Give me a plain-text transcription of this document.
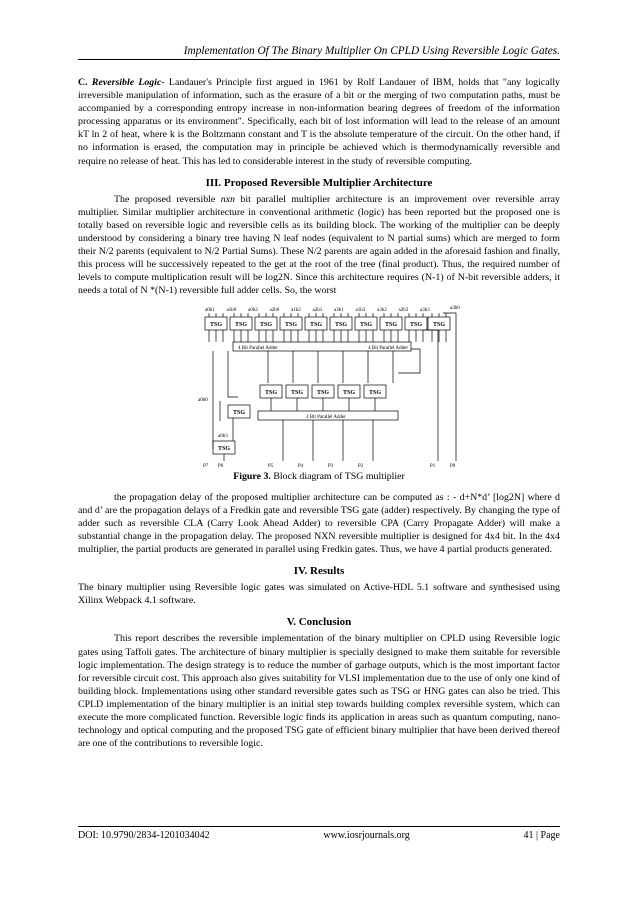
Implementation Of The Binary Multiplier On CPLD Using Reversible Logic Gates.

C. Reversible Logic- Landauer's Principle first argued in 1961 by Rolf Landauer of IBM, holds that "any logically irreversible manipulation of information, such as the erasure of a bit or the merging of two computation paths, must be accompanied by a corresponding entropy increase in non-information bearing degrees of freedom of the information processing apparatus or its environment". Specifically, each bit of lost information will lead to the release of an amount kT ln 2 of heat, where k is the Boltzmann constant and T is the absolute temperature of the circuit. On the other hand, if no information is erased, the computation may in principle be achieved which is thermodynamically reversible and require no release of heat. This has led to considerable interest in the study of reversible computing.

III. Proposed Reversible Multiplier Architecture

The proposed reversible nxn bit parallel multiplier architecture is an improvement over reversible array multiplier. Similar multiplier architecture in conventional arithmetic (logic) has been reported but the proposed one is totally based on reversible logic and reversible cells as its building block. The working of the multiplier can be deeply understood by considering a binary tree having N leaf nodes (equivalent to N partial sums) which are merged to form their N/2 parents (equivalent to N/2 Partial Sums). These N/2 parents are again added in the aforesaid fashion and finally, this process will be successively repeated to the get at the root of the tree (final product). Thus, the required number of levels to compute multiplication result will be log2N. Since this architecture requires (N-1) of N-bit reversible adders, it needs a total of N *(N-1) reversible full adder cells. So, the worst

a0b1 a1b0 a0b2 a2b0 a1b2 a2b1 a3b1 a1b3 a3b2 a2b3 a3b3
TSG TSG TSG TSG TSG TSG TSG TSG TSG TSG
4 Bit Parallel Adder	4 Bit Parallel Adder
4 Bit Parallel Adder
TSG TSG TSG TSG TSG
TSG
TSG
P7 P6	P5	P4	P3	P2	P1	P0
a0b0
a3b0
a0b3
Figure 3. Block diagram of TSG multiplier

the propagation delay of the proposed multiplier architecture can be computed as : - d+N*d’ [log2N] where d and d’ are the propagation delays of a Fredkin gate and reversible TSG gate (adder) respectively. By changing the type of adder such as reversible CLA (Carry Look Ahead Adder) to reversible CPA (Carry Propagate Adder) will make a substantial change in the propagation delay. The proposed NXN reversible multiplier is designed for 4x4 bit. In the 4x4 multiplier, the partial products are generated in parallel using Fredkin gates. Thus, we have 4 partial products generated.

IV. Results

The binary multiplier using Reversible logic gates was simulated on Active-HDL 5.1 software and synthesised using Xilinx Webpack 4.1 software.

V. Conclusion

This report describes the reversible implementation of the binary multiplier on CPLD using Reversible logic gates using Taffoli gates. The architecture of binary multiplier is specially designed to make them suitable for reversible logic implementation. The design strategy is to reduce the number of garbage outputs, which is the most important factor for reversible circuit cost. This approach also gives suitability for VLSI implementation due to the use of only one kind of building block. Implementations using other standard reversible gates such as TSG or HNG gates can also be tried. This CPLD implementation of the binary multiplier is an initial step towards building complex reversible system, which can execute the more complicated function. Reversible logic finds its application in areas such as quantum computing, nano-technology and optical computing and the proposed TSG gate of efficient binary multiplier that have been derived thereof are one of the contributions to reversible logic.

DOI: 10.9790/2834-1201034042	www.iosrjournals.org	41 | Page
